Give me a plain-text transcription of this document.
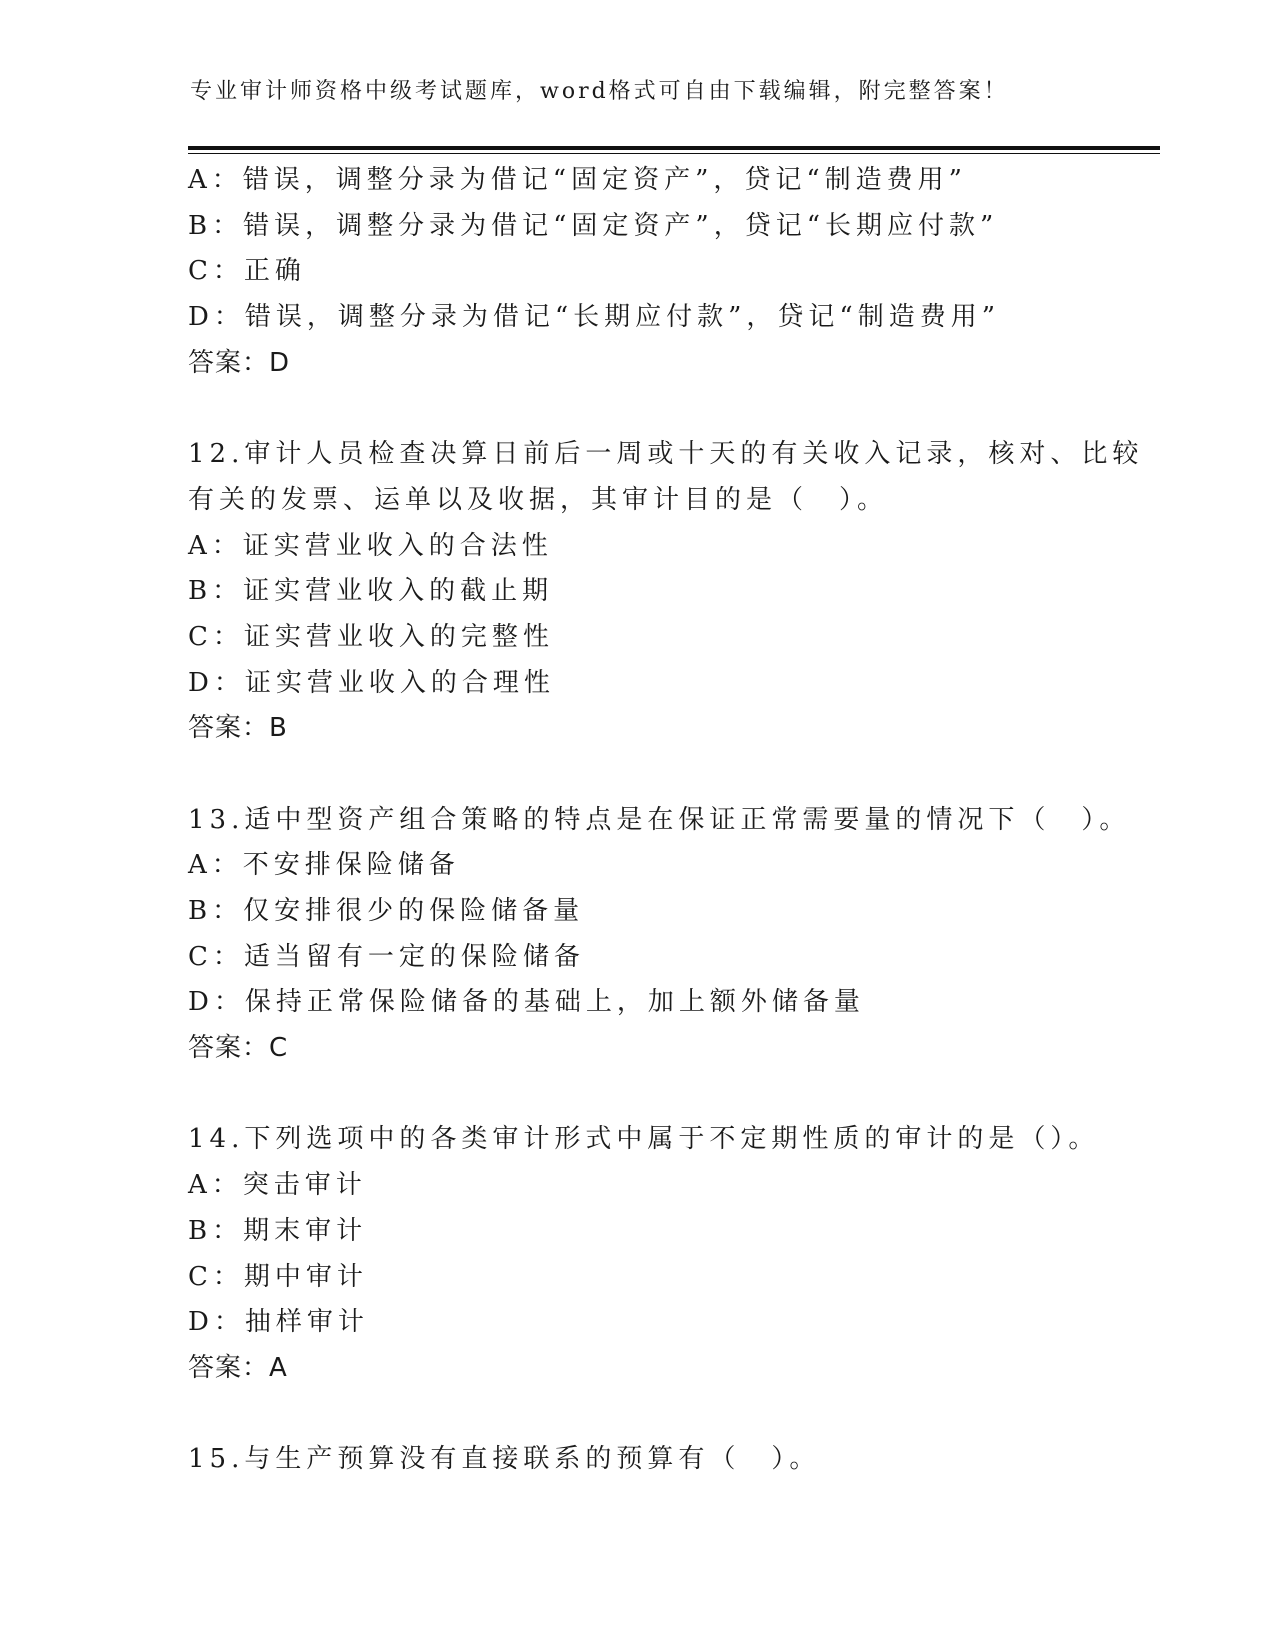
专业审计师资格中级考试题库，word格式可自由下载编辑，附完整答案！
A：错误，调整分录为借记“固定资产”，贷记“制造费用”
B：错误，调整分录为借记“固定资产”，贷记“长期应付款”
C：正确
D：错误，调整分录为借记“长期应付款”，贷记“制造费用”
答案：D
12.审计人员检查决算日前后一周或十天的有关收入记录，核对、比较
有关的发票、运单以及收据，其审计目的是（　）。
A：证实营业收入的合法性
B：证实营业收入的截止期
C：证实营业收入的完整性
D：证实营业收入的合理性
答案：B
13.适中型资产组合策略的特点是在保证正常需要量的情况下（　）。
A：不安排保险储备
B：仅安排很少的保险储备量
C：适当留有一定的保险储备
D：保持正常保险储备的基础上，加上额外储备量
答案：C
14.下列选项中的各类审计形式中属于不定期性质的审计的是（）。
A：突击审计
B：期末审计
C：期中审计
D：抽样审计
答案：A
15.与生产预算没有直接联系的预算有（　）。
